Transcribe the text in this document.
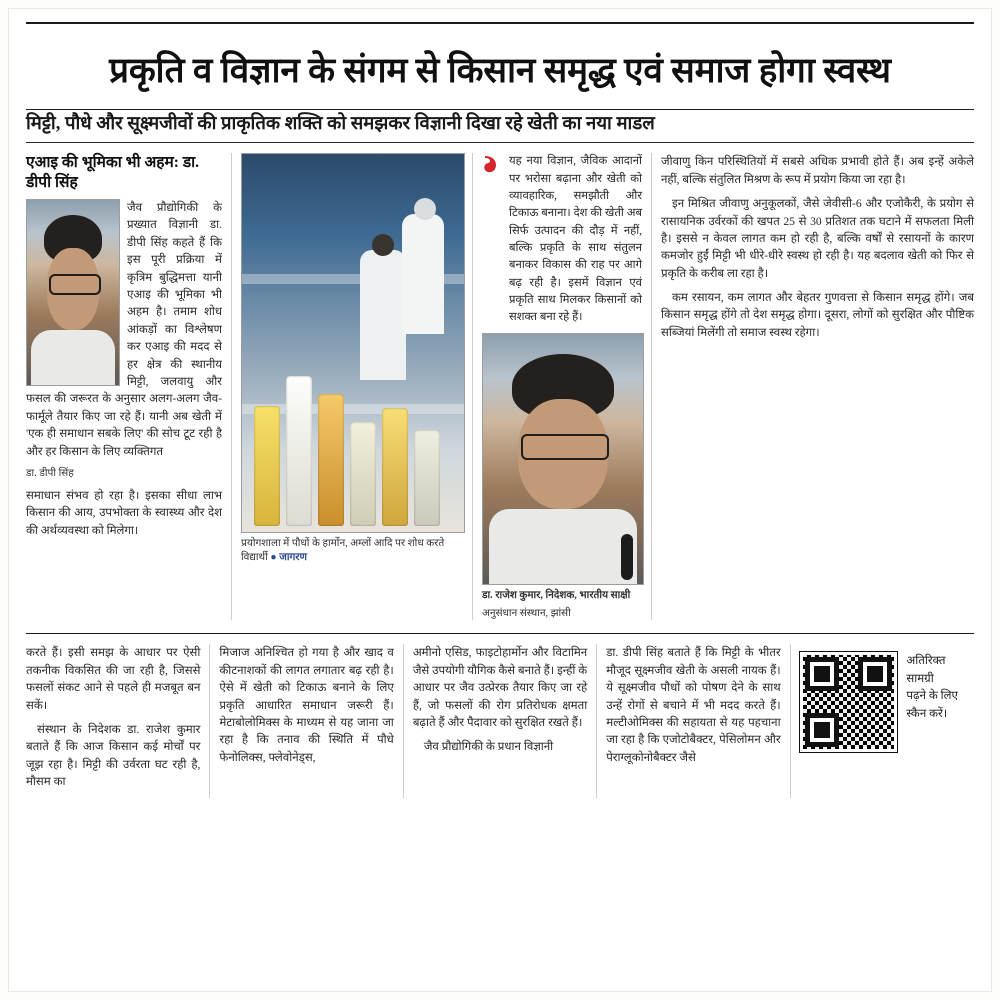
प्रकृति व विज्ञान के संगम से किसान समृद्ध एवं समाज होगा स्वस्थ
मिट्टी, पौधे और सूक्ष्मजीवों की प्राकृतिक शक्ति को समझकर विज्ञानी दिखा रहे खेती का नया माडल
एआइ की भूमिका भी अहम: डा. डीपी सिंह

जैव प्रौद्योगिकी के प्रख्यात विज्ञानी डा. डीपी सिंह कहते हैं कि इस पूरी प्रक्रिया में कृत्रिम बुद्धिमत्ता यानी एआइ की भूमिका भी अहम है। तमाम शोध आंकड़ों का विश्लेषण कर एआइ की मदद से हर क्षेत्र की स्थानीय मिट्टी, जलवायु और फसल की जरूरत के अनुसार अलग-अलग जैव-फार्मूले तैयार किए जा रहे हैं। यानी अब खेती में 'एक ही समाधान सबके लिए' की सोच टूट रही है और हर किसान के लिए व्यक्तिगत

डा. डीपी सिंह

समाधान संभव हो रहा है। इसका सीधा लाभ किसान की आय, उपभोक्ता के स्वास्थ्य और देश की अर्थव्यवस्था को मिलेगा।

प्रयोगशाला में पौधों के हार्मोन, अम्लों आदि पर शोध करते विद्यार्थी ● जागरण
यह नया विज्ञान, जैविक आदानों पर भरोसा बढ़ाना और खेती को व्यावहारिक, समझौती और टिकाऊ बनाना। देश की खेती अब सिर्फ उत्पादन की दौड़ में नहीं, बल्कि प्रकृति के साथ संतुलन बनाकर विकास की राह पर आगे बढ़ रही है। इसमें विज्ञान एवं प्रकृति साथ मिलकर किसानों को सशक्त बना रहे हैं।
डा. राजेश कुमार, निदेशक, भारतीय साक्षी
अनुसंधान संस्थान, झांसी

जीवाणु किन परिस्थितियों में सबसे अधिक प्रभावी होते हैं। अब इन्हें अकेले नहीं, बल्कि संतुलित मिश्रण के रूप में प्रयोग किया जा रहा है।

इन मिश्रित जीवाणु अनुकूलकों, जैसे जेवीसी-6 और एजोकैरी, के प्रयोग से रासायनिक उर्वरकों की खपत 25 से 30 प्रतिशत तक घटाने में सफलता मिली है। इससे न केवल लागत कम हो रही है, बल्कि वर्षों से रसायनों के कारण कमजोर हुईं मिट्टी भी धीरे-धीरे स्वस्थ हो रही है। यह बदलाव खेती को फिर से प्रकृति के करीब ला रहा है।

कम रसायन, कम लागत और बेहतर गुणवत्ता से किसान समृद्ध होंगे। जब किसान समृद्ध होंगे तो देश समृद्ध होगा। दूसरा, लोगों को सुरक्षित और पौष्टिक सब्जियां मिलेंगी तो समाज स्वस्थ रहेगा।

करते हैं। इसी समझ के आधार पर ऐसी तकनीक विकसित की जा रही है, जिससे फसलों संकट आने से पहले ही मजबूत बन सकें।

संस्थान के निदेशक डा. राजेश कुमार बताते हैं कि आज किसान कई मोर्चों पर जूझ रहा है। मिट्टी की उर्वरता घट रही है, मौसम का

मिजाज अनिश्चित हो गया है और खाद व कीटनाशकों की लागत लगातार बढ़ रही है। ऐसे में खेती को टिकाऊ बनाने के लिए प्रकृति आधारित समाधान जरूरी हैं। मेटाबोलोमिक्स के माध्यम से यह जाना जा रहा है कि तनाव की स्थिति में पौधे फेनोलिक्स, फ्लेवोनेड्स,

अमीनो एसिड, फाइटोहार्मोन और विटामिन जैसे उपयोगी यौगिक कैसे बनाते हैं। इन्हीं के आधार पर जैव उत्प्रेरक तैयार किए जा रहे हैं, जो फसलों की रोग प्रतिरोधक क्षमता बढ़ाते हैं और पैदावार को सुरक्षित रखते हैं।

जैव प्रौद्योगिकी के प्रधान विज्ञानी

डा. डीपी सिंह बताते हैं कि मिट्टी के भीतर मौजूद सूक्ष्मजीव खेती के असली नायक हैं। ये सूक्ष्मजीव पौधों को पोषण देने के साथ उन्हें रोगों से बचाने में भी मदद करते हैं। मल्टीओमिक्स की सहायता से यह पहचाना जा रहा है कि एजोटोबैक्टर, पेसिलोमन और पेराग्लूकोनोबैक्टर जैसे

अतिरिक्त सामग्री
पढ़ने के लिए
स्कैन करें।
